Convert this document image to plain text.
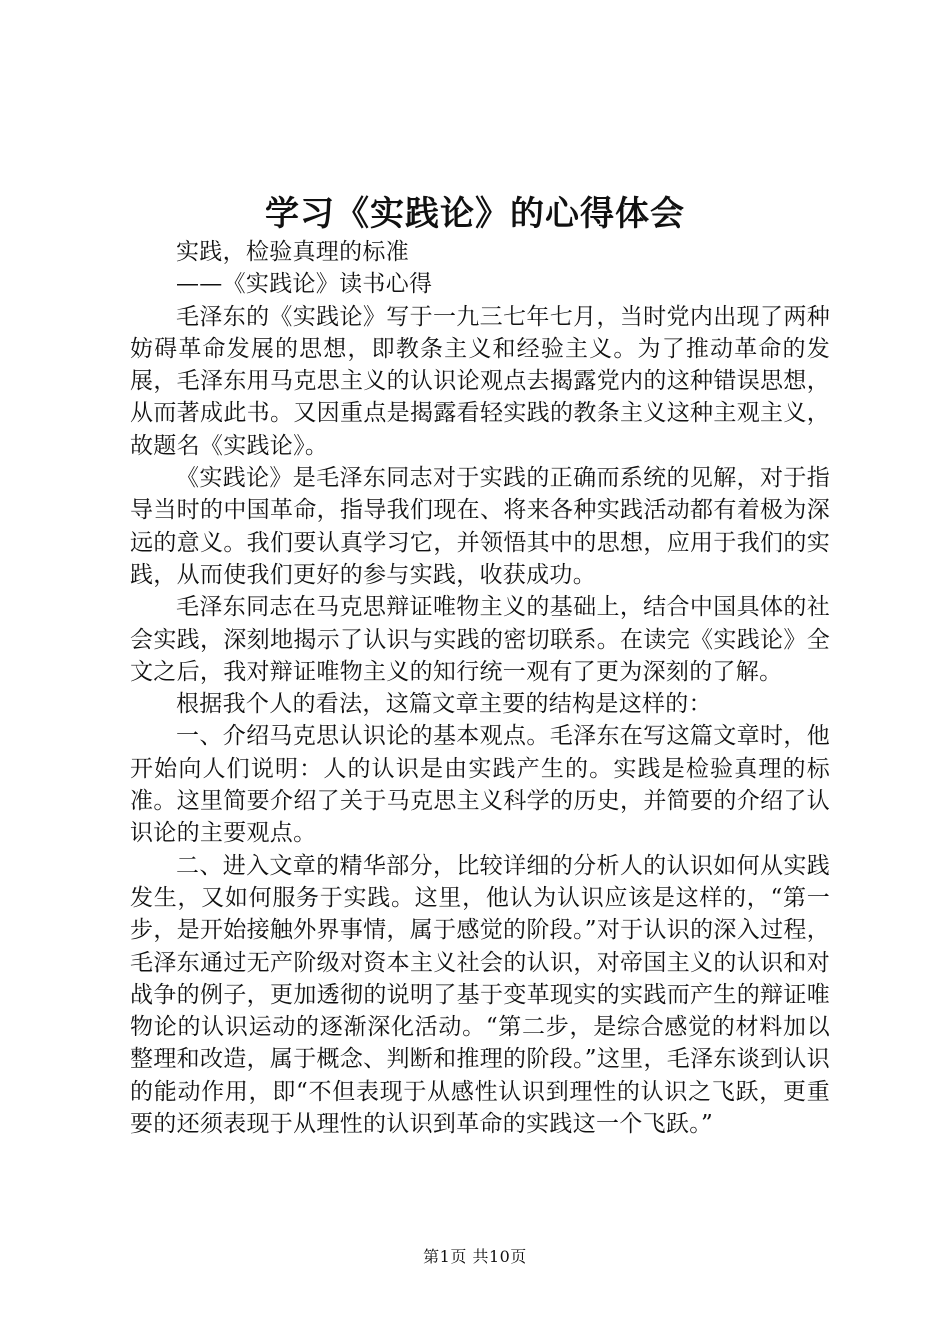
学习《实践论》的心得体会

实践，检验真理的标准

——《实践论》读书心得

毛泽东的《实践论》写于一九三七年七月，当时党内出现了两种妨碍革命发展的思想，即教条主义和经验主义。为了推动革命的发展，毛泽东用马克思主义的认识论观点去揭露党内的这种错误思想，从而著成此书。又因重点是揭露看轻实践的教条主义这种主观主义，故题名《实践论》。

《实践论》是毛泽东同志对于实践的正确而系统的见解，对于指导当时的中国革命，指导我们现在、将来各种实践活动都有着极为深远的意义。我们要认真学习它，并领悟其中的思想，应用于我们的实践，从而使我们更好的参与实践，收获成功。

毛泽东同志在马克思辩证唯物主义的基础上，结合中国具体的社会实践，深刻地揭示了认识与实践的密切联系。在读完《实践论》全文之后，我对辩证唯物主义的知行统一观有了更为深刻的了解。

根据我个人的看法，这篇文章主要的结构是这样的：

一、介绍马克思认识论的基本观点。毛泽东在写这篇文章时，他开始向人们说明：人的认识是由实践产生的。实践是检验真理的标准。这里简要介绍了关于马克思主义科学的历史，并简要的介绍了认识论的主要观点。

二、进入文章的精华部分，比较详细的分析人的认识如何从实践发生，又如何服务于实践。这里，他认为认识应该是这样的，“第一步，是开始接触外界事情，属于感觉的阶段。”对于认识的深入过程，毛泽东通过无产阶级对资本主义社会的认识，对帝国主义的认识和对战争的例子，更加透彻的说明了基于变革现实的实践而产生的辩证唯物论的认识运动的逐渐深化活动。“第二步，是综合感觉的材料加以整理和改造，属于概念、判断和推理的阶段。”这里，毛泽东谈到认识的能动作用，即“不但表现于从感性认识到理性的认识之飞跃，更重要的还须表现于从理性的认识到革命的实践这一个飞跃。”

第1页 共10页
